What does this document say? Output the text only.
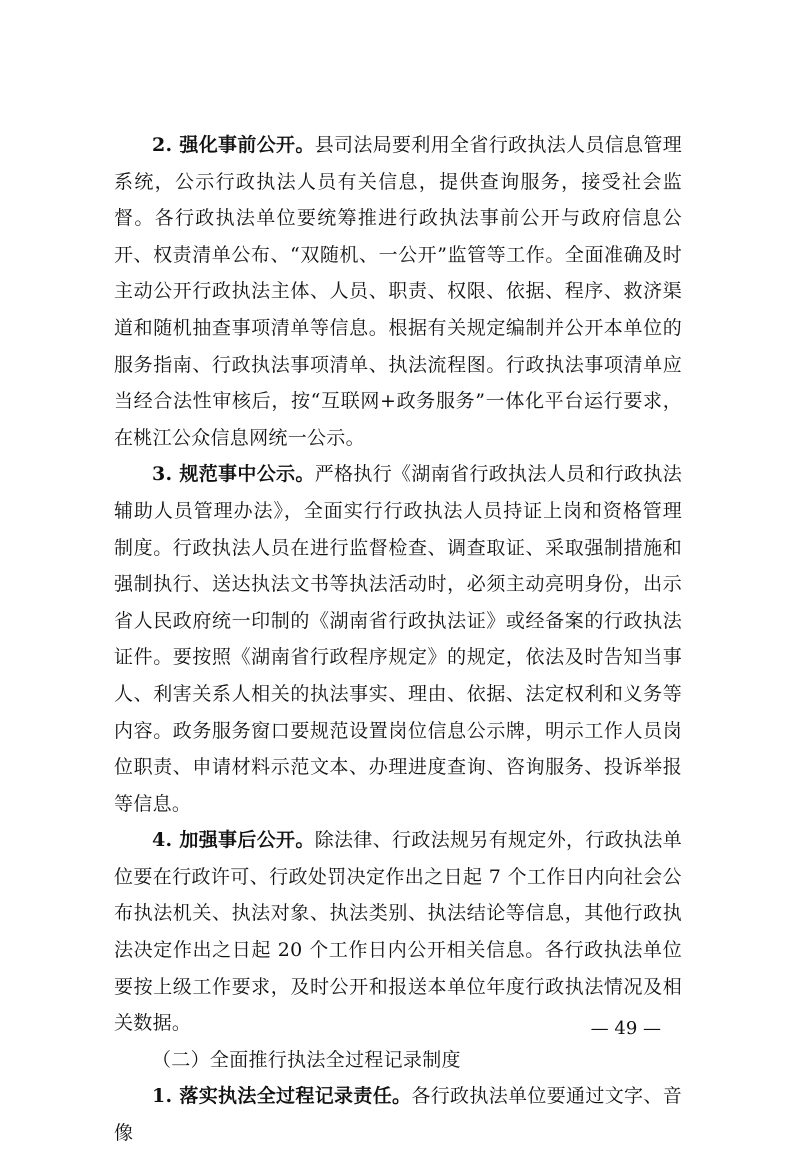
2. 强化事前公开。县司法局要利用全省行政执法人员信息管理系统，公示行政执法人员有关信息，提供查询服务，接受社会监督。各行政执法单位要统筹推进行政执法事前公开与政府信息公开、权责清单公布、“双随机、一公开”监管等工作。全面准确及时主动公开行政执法主体、人员、职责、权限、依据、程序、救济渠道和随机抽查事项清单等信息。根据有关规定编制并公开本单位的服务指南、行政执法事项清单、执法流程图。行政执法事项清单应当经合法性审核后，按“互联网+政务服务”一体化平台运行要求，在桃江公众信息网统一公示。

3. 规范事中公示。严格执行《湖南省行政执法人员和行政执法辅助人员管理办法》，全面实行行政执法人员持证上岗和资格管理制度。行政执法人员在进行监督检查、调查取证、采取强制措施和强制执行、送达执法文书等执法活动时，必须主动亮明身份，出示省人民政府统一印制的《湖南省行政执法证》或经备案的行政执法证件。要按照《湖南省行政程序规定》的规定，依法及时告知当事人、利害关系人相关的执法事实、理由、依据、法定权利和义务等内容。政务服务窗口要规范设置岗位信息公示牌，明示工作人员岗位职责、申请材料示范文本、办理进度查询、咨询服务、投诉举报等信息。

4. 加强事后公开。除法律、行政法规另有规定外，行政执法单位要在行政许可、行政处罚决定作出之日起 7 个工作日内向社会公布执法机关、执法对象、执法类别、执法结论等信息，其他行政执法决定作出之日起 20 个工作日内公开相关信息。各行政执法单位要按上级工作要求，及时公开和报送本单位年度行政执法情况及相关数据。

（二）全面推行执法全过程记录制度

1. 落实执法全过程记录责任。各行政执法单位要通过文字、音像

— 49 —
